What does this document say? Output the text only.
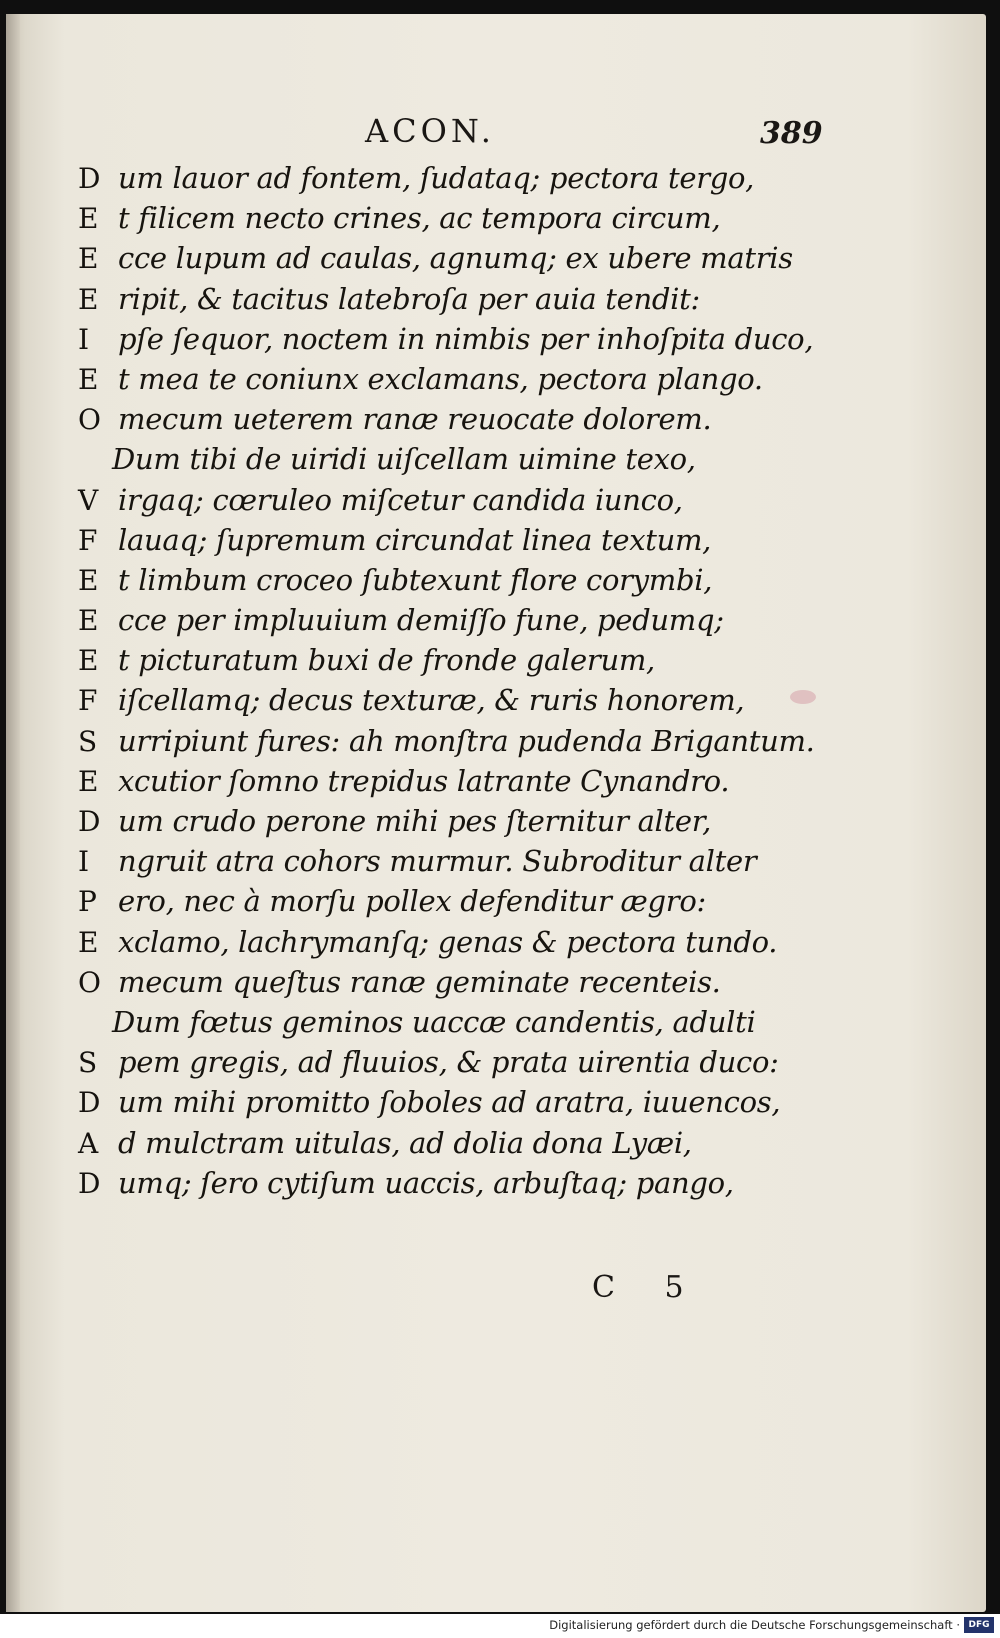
ACON.	389
D um lauor ad fontem, ſudataq; pectora tergo,
E t filicem necto crines, ac tempora circum,
E cce lupum ad caulas, agnumq; ex ubere matris
E ripit, & tacitus latebroſa per auia tendit:
I pſe ſequor, noctem in nimbis per inhoſpita duco,
E t mea te coniunx exclamans, pectora plango.
O mecum ueterem ranæ reuocate dolorem.
Dum tibi de uiridi uiſcellam uimine texo,
V irgaq; cœruleo miſcetur candida iunco,
F lauaq; ſupremum circundat linea textum,
E t limbum croceo ſubtexunt flore corymbi,
E cce per impluuium demiſſo fune, pedumq;
E t picturatum buxi de fronde galerum,
F iſcellamq; decus texturæ, & ruris honorem,
S urripiunt fures: ah monſtra pudenda Brigantum.
E xcutior ſomno trepidus latrante Cynandro.
D um crudo perone mihi pes ſternitur alter,
I ngruit atra cohors murmur. Subroditur alter
P ero, nec à morſu pollex defenditur ægro:
E xclamo, lachrymanſq; genas & pectora tundo.
O mecum queſtus ranæ geminate recenteis.
Dum fœtus geminos uaccæ candentis, adulti
S pem gregis, ad fluuios, & prata uirentia duco:
D um mihi promitto ſoboles ad aratra, iuuencos,
A d mulctram uitulas, ad dolia dona Lyæi,
D umq; ſero cytiſum uaccis, arbuſtaq; pango,
C 5
Digitalisierung gefördert durch die Deutsche Forschungsgemeinschaft · DFG
